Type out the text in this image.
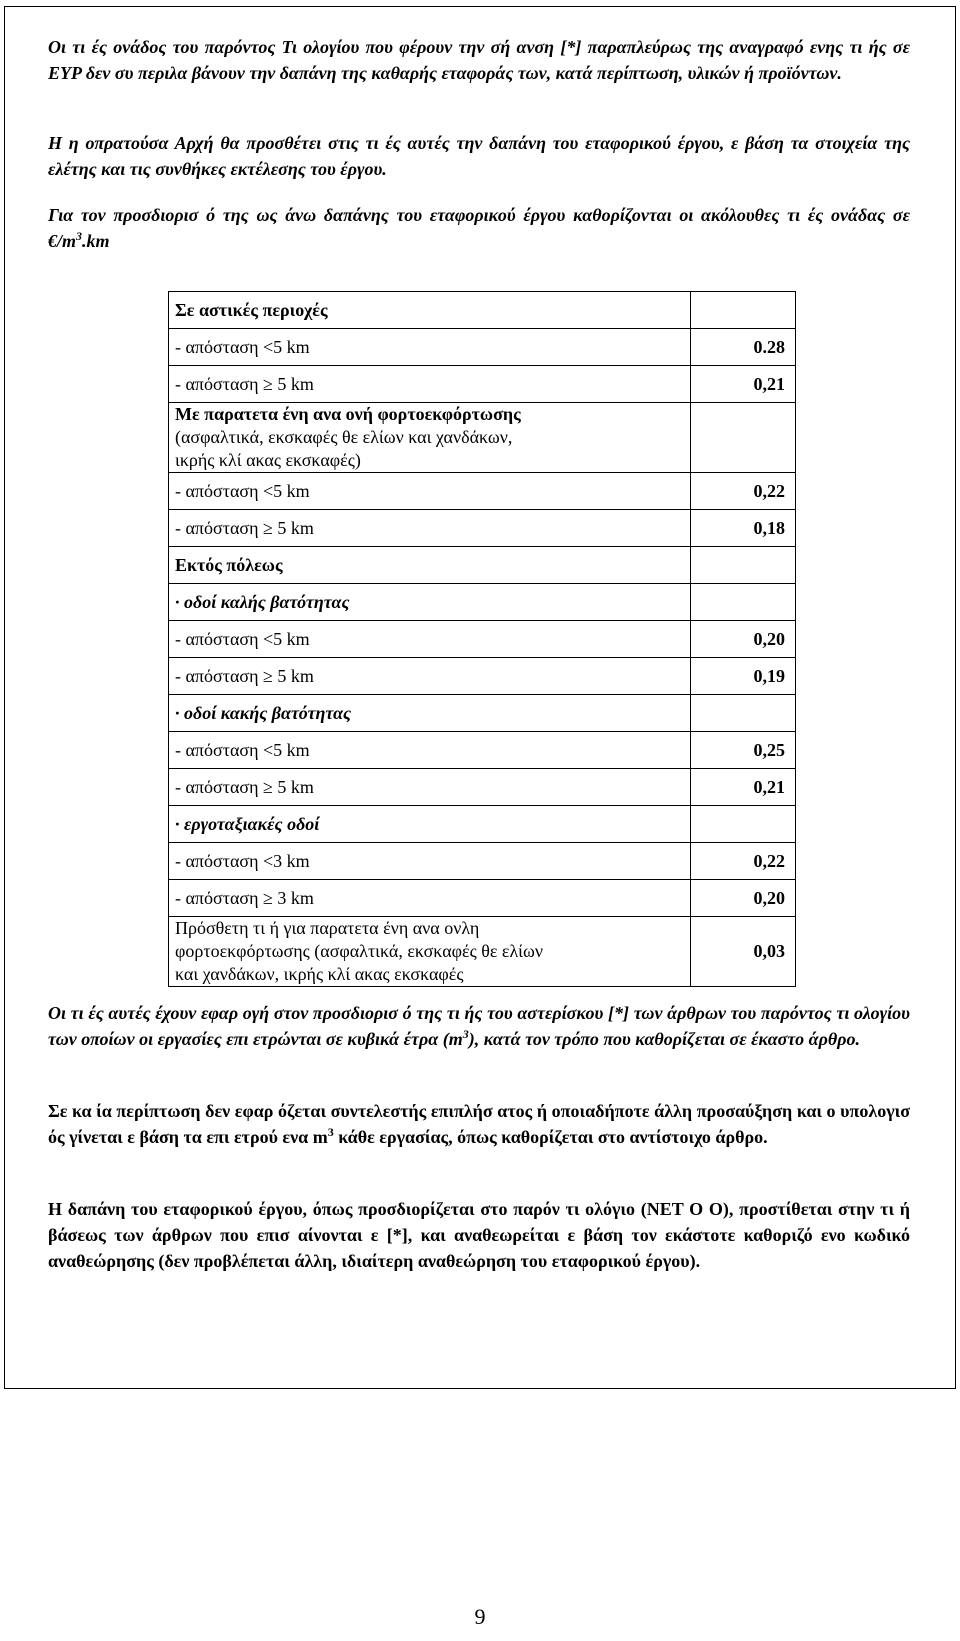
Οι τι ές ονάδος του παρόντος Τι ολογίου που φέρουν την σή ανση [*] παραπλεύρως της αναγραφό ενης τι ής σε ΕΥΡ δεν συ περιλα βάνουν την δαπάνη της καθαρής εταφοράς των, κατά περίπτωση, υλικών ή προϊόντων.

Η η οπρατούσα Αρχή θα προσθέτει στις τι ές αυτές την δαπάνη του εταφορικού έργου, ε βάση τα στοιχεία της ελέτης και τις συνθήκες εκτέλεσης του έργου.

Για τον προσδιορισ ό της ως άνω δαπάνης του εταφορικού έργου καθορίζονται οι ακόλουθες τι ές ονάδας σε $€/m^3.km$

Σε αστικές περιοχές	

- απόσταση <5 km	0.28

- απόσταση ≥ 5 km	0,21

Με παρατετα ένη ανα ονή φορτοεκφόρτωσης
(ασφαλτικά, εκσκαφές θε ελίων και χανδάκων,
ικρής κλί ακας εκσκαφές)	

- απόσταση <5 km	0,22

- απόσταση ≥ 5 km	0,18

Εκτός πόλεως	

· οδοί καλής βατότητας	

- απόσταση <5 km	0,20

- απόσταση ≥ 5 km	0,19

· οδοί κακής βατότητας	

- απόσταση <5 km	0,25

- απόσταση ≥ 5 km	0,21

· εργοταξιακές οδοί	

- απόσταση <3 km	0,22

- απόσταση ≥ 3 km	0,20

Πρόσθετη τι ή για παρατετα ένη ανα ονλη
φορτοεκφόρτωσης (ασφαλτικά, εκσκαφές θε ελίων
και χανδάκων, ικρής κλί ακας εκσκαφές	0,03

Οι τι ές αυτές έχουν εφαρ ογή στον προσδιορισ ό της τι ής του αστερίσκου [*] των άρθρων του παρόντος τι ολογίου των οποίων οι εργασίες επι ετρώνται σε κυβικά έτρα $(m^3)$, κατά τον τρόπο που καθορίζεται σε έκαστο άρθρο.

Σε κα ία περίπτωση δεν εφαρ όζεται συντελεστής επιπλήσ ατος ή οποιαδήποτε άλλη προσαύξηση και ο υπολογισ ός γίνεται ε βάση τα επι ετρού ενα $m^3$ κάθε εργασίας, όπως καθορίζεται στο αντίστοιχο άρθρο.

Η δαπάνη του εταφορικού έργου, όπως προσδιορίζεται στο παρόν τι ολόγιο (ΝΕΤ Ο Ο), προστίθεται στην τι ή βάσεως των άρθρων που επισ αίνονται ε [*], και αναθεωρείται ε βάση τον εκάστοτε καθοριζό ενο κωδικό αναθεώρησης (δεν προβλέπεται άλλη, ιδιαίτερη αναθεώρηση του εταφορικού έργου).

9
